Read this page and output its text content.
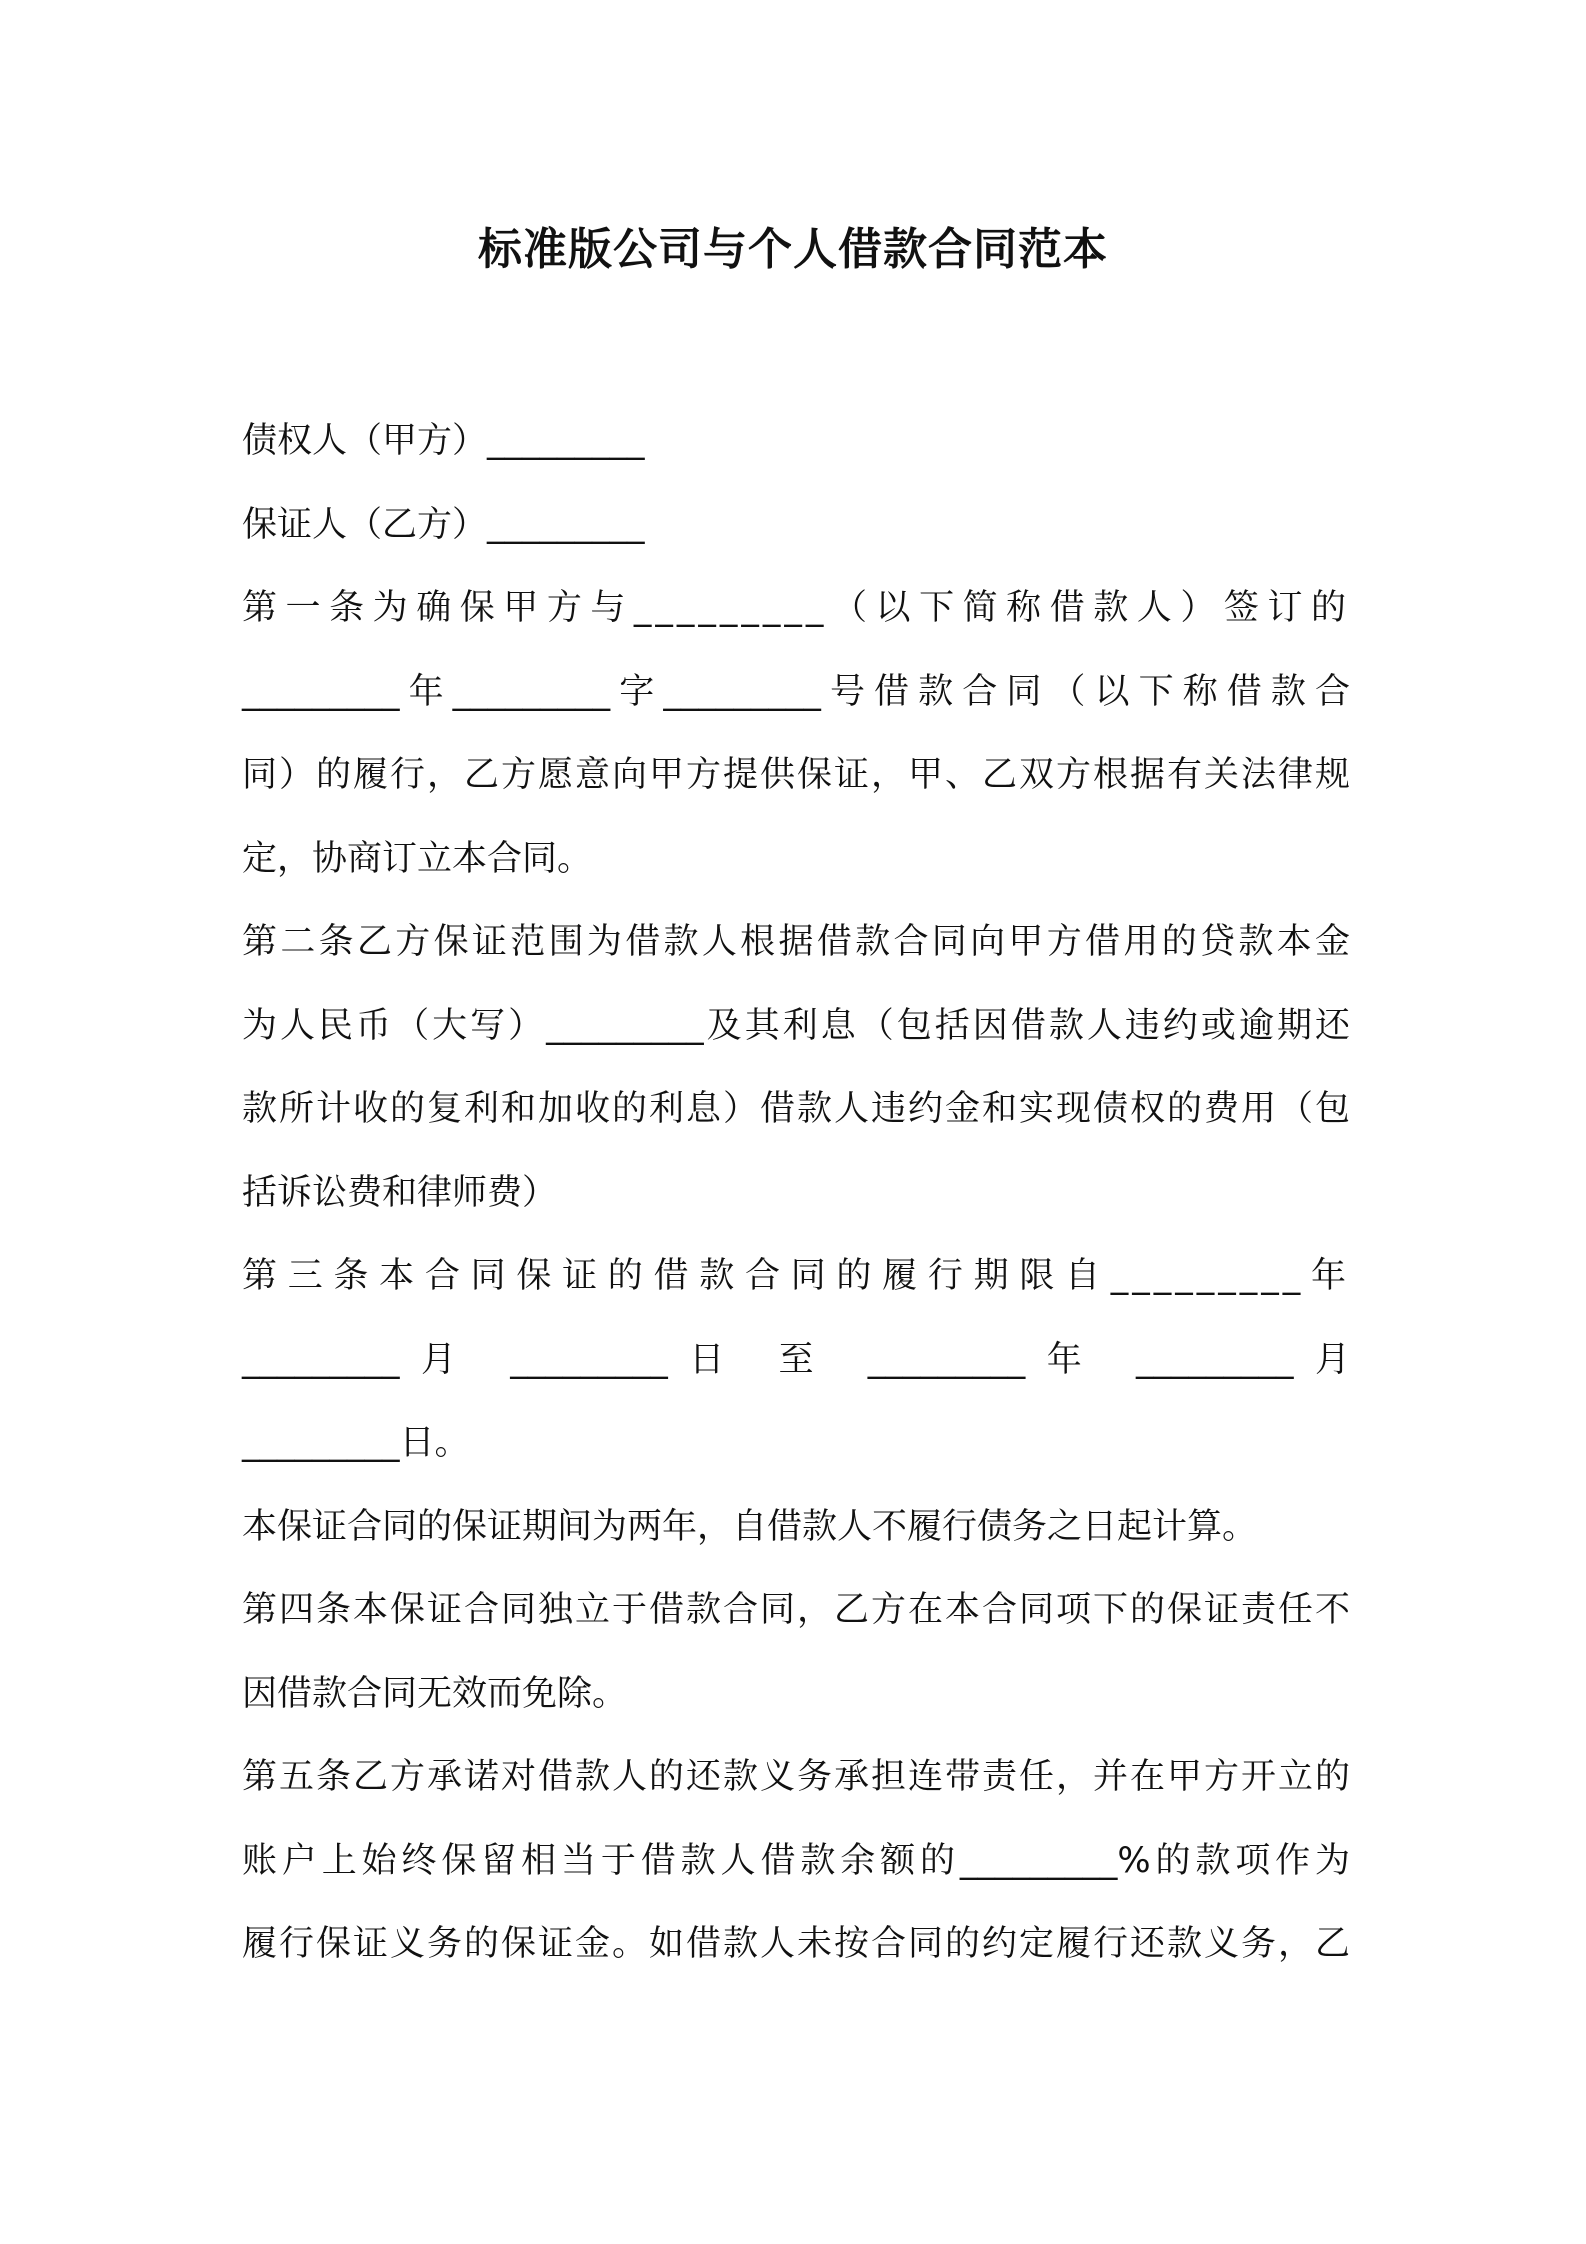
标准版公司与个人借款合同范本

债权人（甲方）_________

保证人（乙方）_________

第一条为确保甲方与_________（以下简称借款人）签订的

_________年_________字_________号借款合同（以下称借款合

同）的履行，乙方愿意向甲方提供保证，甲、乙双方根据有关法律规

定，协商订立本合同。

第二条乙方保证范围为借款人根据借款合同向甲方借用的贷款本金

为人民币（大写）_________及其利息（包括因借款人违约或逾期还

款所计收的复利和加收的利息）借款人违约金和实现债权的费用（包

括诉讼费和律师费）

第三条本合同保证的借款合同的履行期限自_________年

_________月 _________日 至 _________年 _________月

_________日。

本保证合同的保证期间为两年，自借款人不履行债务之日起计算。

第四条本保证合同独立于借款合同，乙方在本合同项下的保证责任不

因借款合同无效而免除。

第五条乙方承诺对借款人的还款义务承担连带责任，并在甲方开立的

账户上始终保留相当于借款人借款余额的_________%的款项作为

履行保证义务的保证金。如借款人未按合同的约定履行还款义务，乙
